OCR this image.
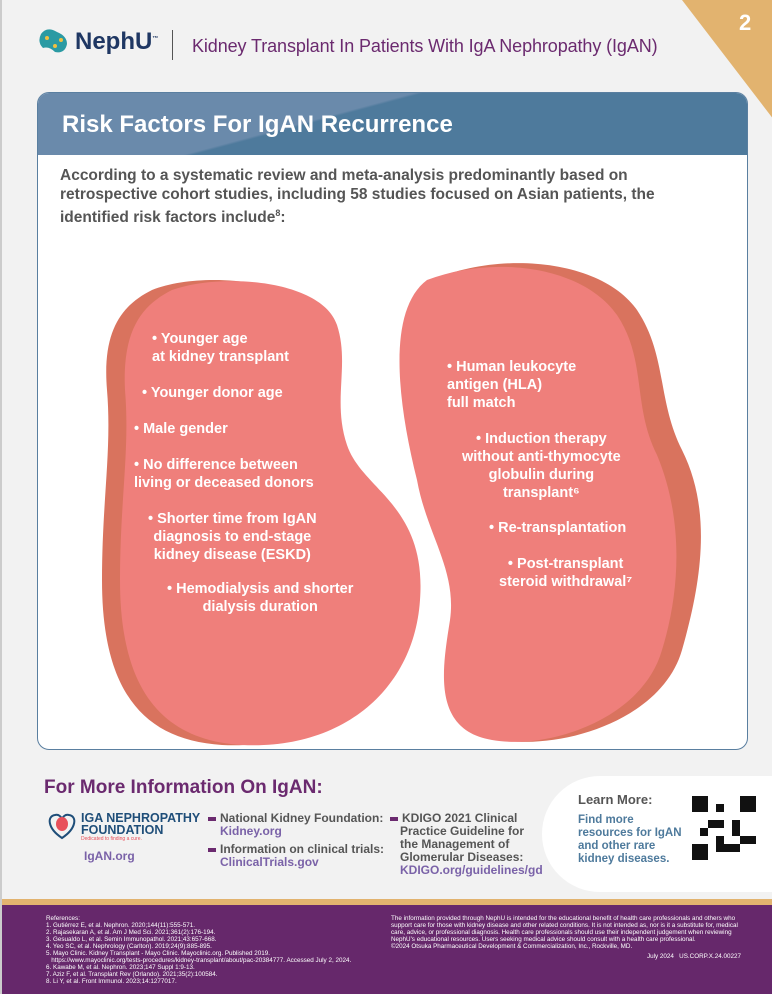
2
NephU™ Kidney Transplant In Patients With IgA Nephropathy (IgAN)
Risk Factors For IgAN Recurrence
According to a systematic review and meta-analysis predominantly based on retrospective cohort studies, including 58 studies focused on Asian patients, the identified risk factors include$^8$:
• Younger age
at kidney transplant
• Younger donor age
• Male gender
• No difference between
living or deceased donors
• Shorter time from IgAN
diagnosis to end-stage
kidney disease (ESKD)
• Hemodialysis and shorter
dialysis duration
• Human leukocyte
antigen (HLA)
full match
• Induction therapy
without anti-thymocyte
globulin during
transplant⁶
• Re-transplantation
• Post-transplant
steroid withdrawal⁷
For More Information On IgAN:
IGA NEPHROPATHY
FOUNDATION
Dedicated to finding a cure.
IgAN.org
National Kidney Foundation:
Kidney.org
Information on clinical trials:
ClinicalTrials.gov
KDIGO 2021 Clinical Practice Guideline for the Management of Glomerular Diseases:
KDIGO.org/guidelines/gd
Learn More:
Find more resources for IgAN and other rare kidney diseases.
References:
1. Gutiérrez E, et al. Nephron. 2020;144(11):555-571.
2. Rajasekaran A, et al. Am J Med Sci. 2021;361(2):176-194.
3. Gesualdo L, et al. Semin Immunopathol. 2021;43:657-668.
4. Yeo SC, et al. Nephrology (Carlton). 2019;24(9):885-895.
5. Mayo Clinic. Kidney Transplant - Mayo Clinic. Mayoclinic.org. Published 2019.
https://www.mayoclinic.org/tests-procedures/kidney-transplant/about/pac-20384777. Accessed July 2, 2024.
6. Kawabe M, et al. Nephron. 2023;147 Suppl 1:9-13.
7. Aziz F, et al. Transplant Rev (Orlando). 2021;35(2):100584.
8. Li Y, et al. Front Immunol. 2023;14:1277017.
The information provided through NephU is intended for the educational benefit of health care professionals and others who support care for those with kidney disease and other related conditions. It is not intended as, nor is it a substitute for, medical care, advice, or professional diagnosis. Health care professionals should use their independent judgement when reviewing NephU's educational resources. Users seeking medical advice should consult with a health care professional.
©2024 Otsuka Pharmaceutical Development & Commercialization, Inc., Rockville, MD.
July 2024   US.CORP.X.24.00227
